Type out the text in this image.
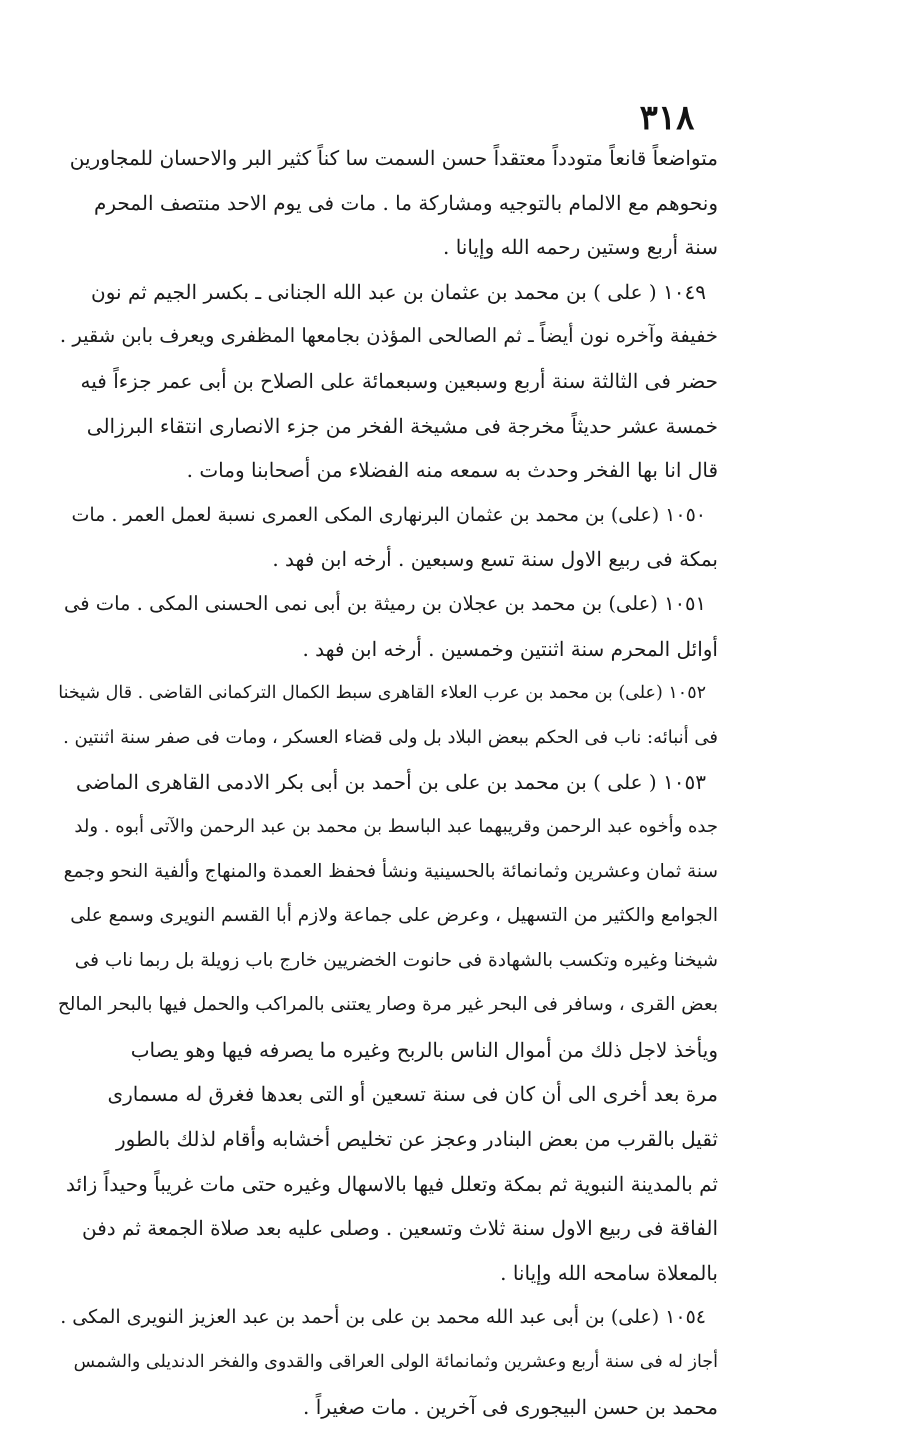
٣١٨
متواضعاً قانعاً متودداً معتقداً حسن السمت سا كناً كثير البر والاحسان للمجاورين
ونحوهم مع الالمام بالتوجيه ومشاركة ما . مات فى يوم الاحد منتصف المحرم
سنة أربع وستين رحمه الله وإيانا .
١٠٤٩ ( على ) بن محمد بن عثمان بن عبد الله الجنانى ـ بكسر الجيم ثم نون
خفيفة وآخره نون أيضاً ـ ثم الصالحى المؤذن بجامعها المظفرى ويعرف بابن شقير .
حضر فى الثالثة سنة أربع وسبعين وسبعمائة على الصلاح بن أبى عمر جزءاً فيه
خمسة عشر حديثاً مخرجة فى مشيخة الفخر من جزء الانصارى انتقاء البرزالى
قال انا بها الفخر وحدث به سمعه منه الفضلاء من أصحابنا ومات .
١٠٥٠ (على) بن محمد بن عثمان البرنهارى المكى العمرى نسبة لعمل العمر . مات
بمكة فى ربيع الاول سنة تسع وسبعين . أرخه ابن فهد .
١٠٥١ (على) بن محمد بن عجلان بن رميثة بن أبى نمى الحسنى المكى . مات فى
أوائل المحرم سنة اثنتين وخمسين . أرخه ابن فهد .
١٠٥٢ (على) بن محمد بن عرب العلاء القاهرى سبط الكمال التركمانى القاضى . قال شيخنا
فى أنبائه: ناب فى الحكم ببعض البلاد بل ولى قضاء العسكر ، ومات فى صفر سنة اثنتين .
١٠٥٣ ( على ) بن محمد بن على بن أحمد بن أبى بكر الادمى القاهرى الماضى
جده وأخوه عبد الرحمن وقريبهما عبد الباسط بن محمد بن عبد الرحمن والآتى أبوه . ولد
سنة ثمان وعشرين وثمانمائة بالحسينية ونشأ فحفظ العمدة والمنهاج وألفية النحو وجمع
الجوامع والكثير من التسهيل ، وعرض على جماعة ولازم أبا القسم النويرى وسمع على
شيخنا وغيره وتكسب بالشهادة فى حانوت الخضريين خارج باب زويلة بل ربما ناب فى
بعض القرى ، وسافر فى البحر غير مرة وصار يعتنى بالمراكب والحمل فيها بالبحر المالح
ويأخذ لاجل ذلك من أموال الناس بالربح وغيره ما يصرفه فيها وهو يصاب
مرة بعد أخرى الى أن كان فى سنة تسعين أو التى بعدها فغرق له مسمارى
ثقيل بالقرب من بعض البنادر وعجز عن تخليص أخشابه وأقام لذلك بالطور
ثم بالمدينة النبوية ثم بمكة وتعلل فيها بالاسهال وغيره حتى مات غريباً وحيداً زائد
الفاقة فى ربيع الاول سنة ثلاث وتسعين . وصلى عليه بعد صلاة الجمعة ثم دفن
بالمعلاة سامحه الله وإيانا .
١٠٥٤ (على) بن أبى عبد الله محمد بن على بن أحمد بن عبد العزيز النويرى المكى .
أجاز له فى سنة أربع وعشرين وثمانمائة الولى العراقى والقدوى والفخر الدنديلى والشمس
محمد بن حسن البيجورى فى آخرين . مات صغيراً .
